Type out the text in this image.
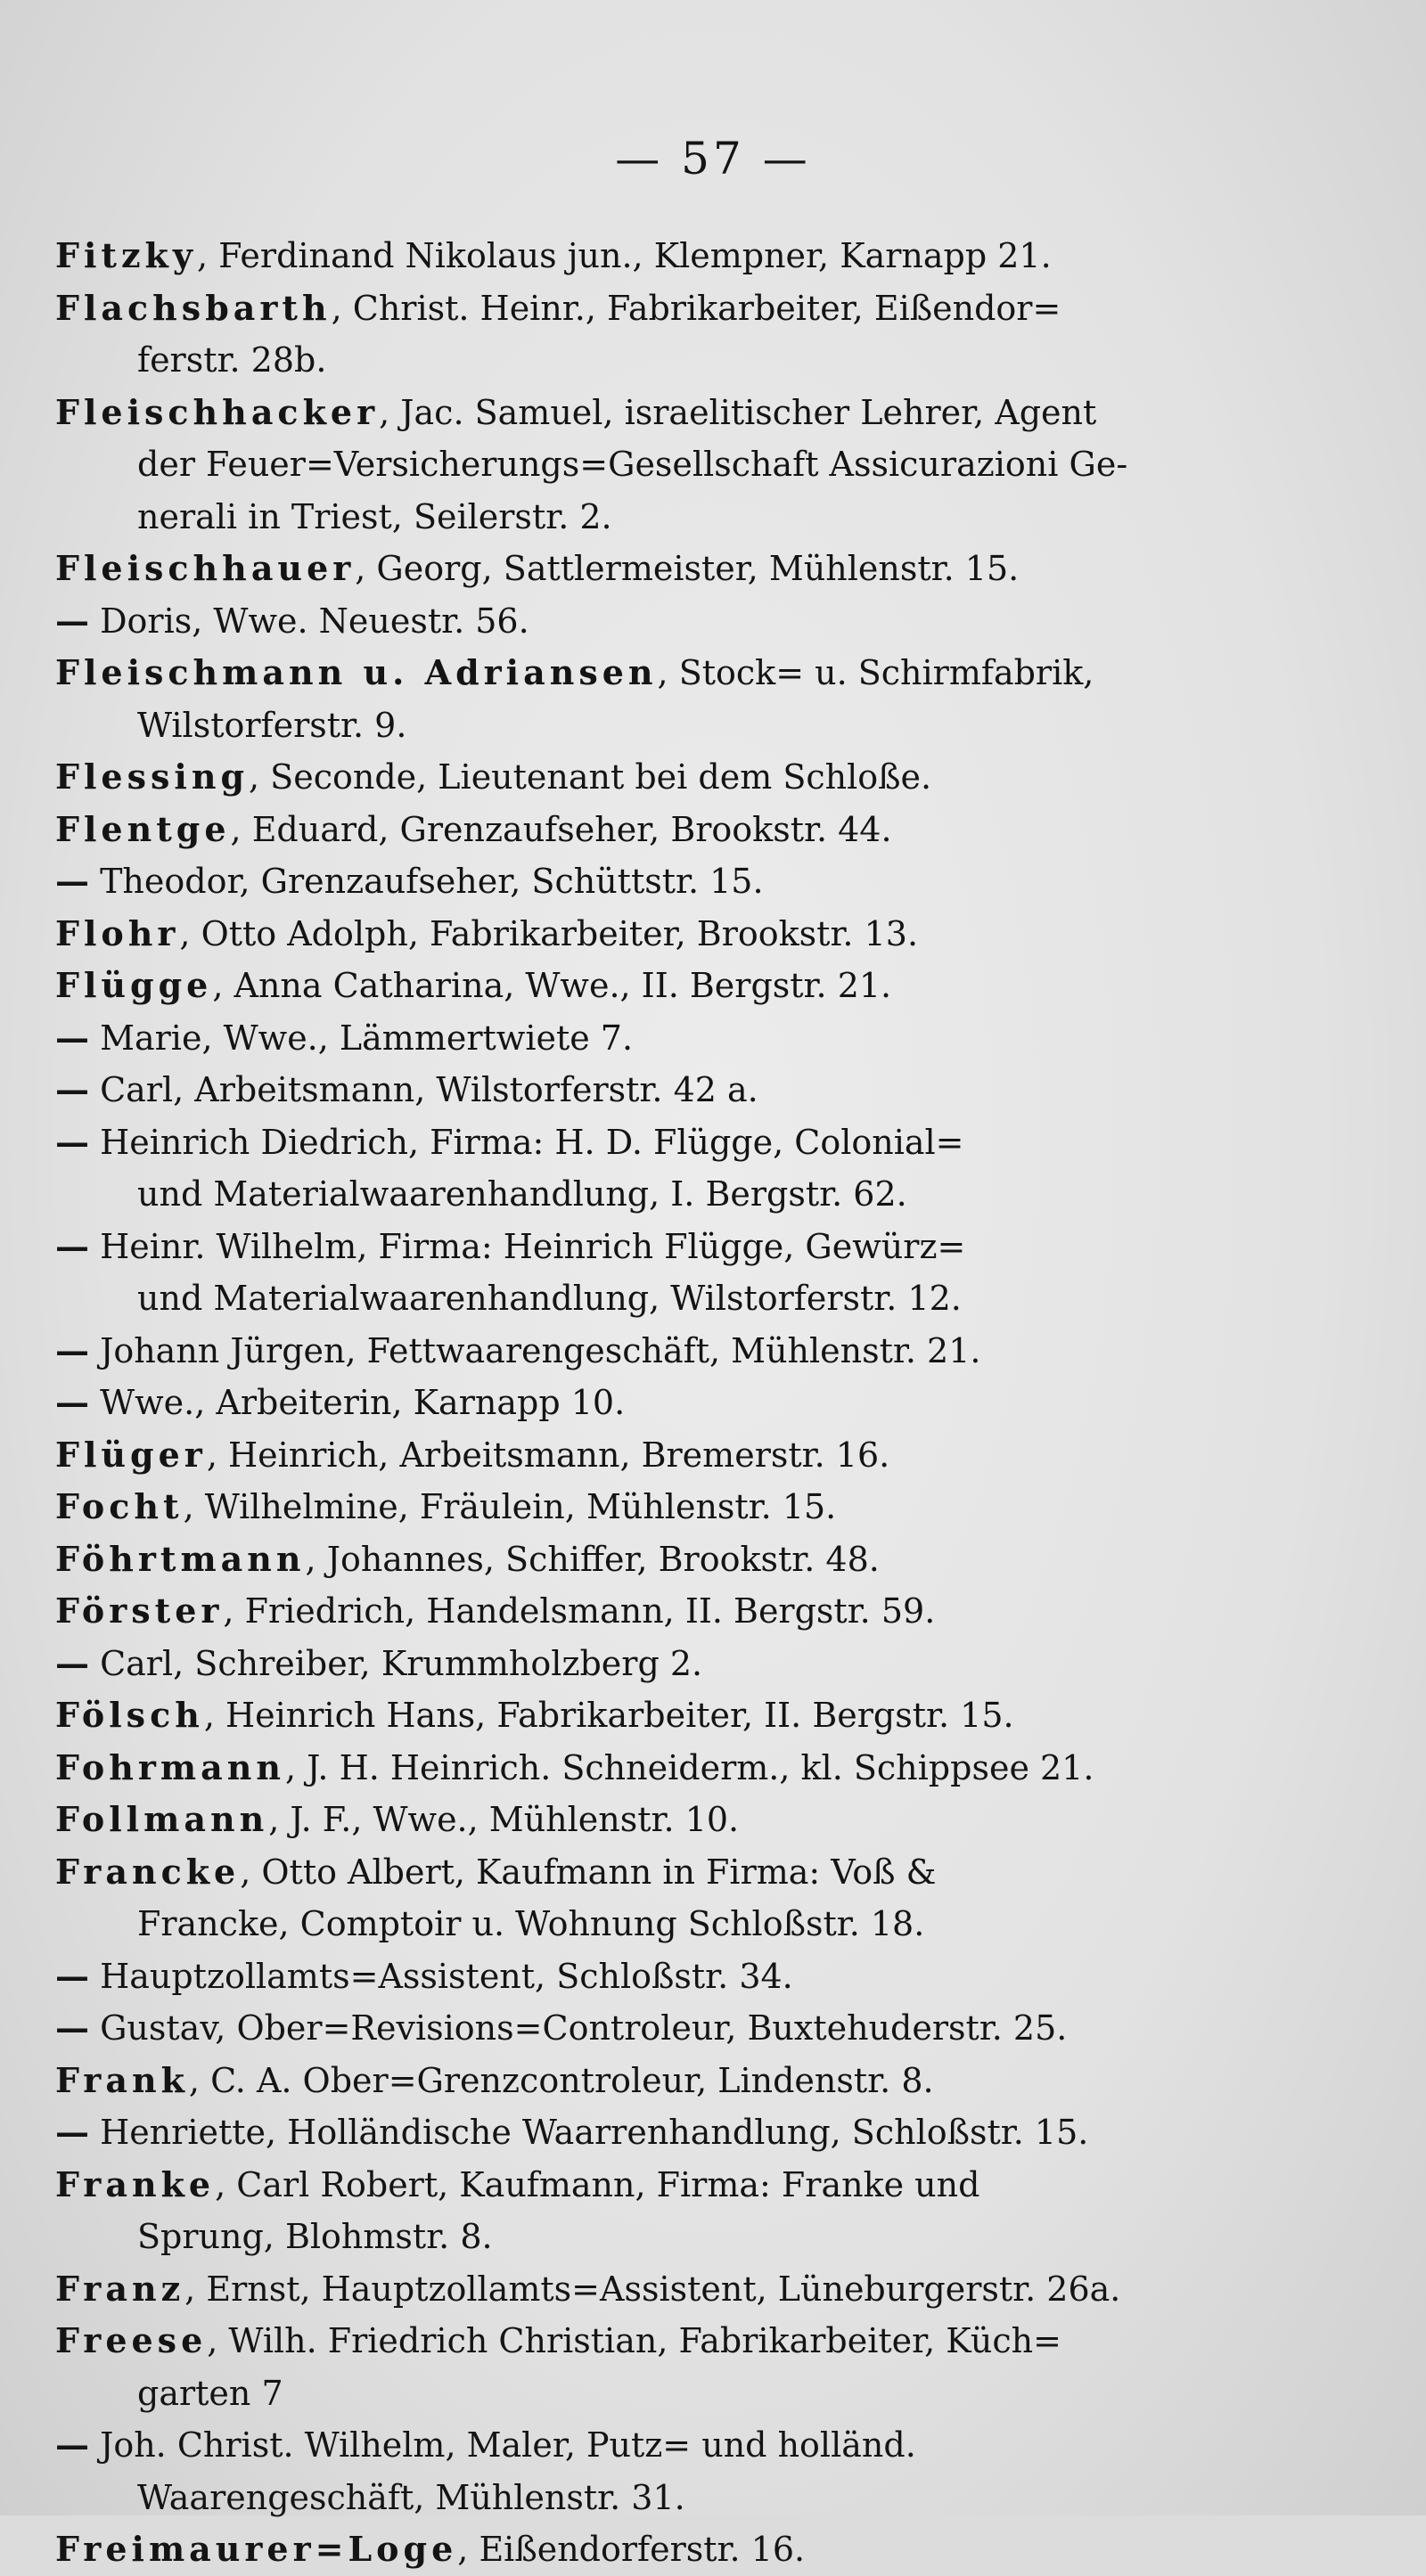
— 57 —
Fitzky, Ferdinand Nikolaus jun., Klempner, Karnapp 21.
Flachsbarth, Christ. Heinr., Fabrikarbeiter, Eißendor=
ferstr. 28b.
Fleischhacker, Jac. Samuel, israelitischer Lehrer, Agent
der Feuer=Versicherungs=Gesellschaft Assicurazioni Ge-
nerali in Triest, Seilerstr. 2.
Fleischhauer, Georg, Sattlermeister, Mühlenstr. 15.
— Doris, Wwe. Neuestr. 56.
Fleischmann u. Adriansen, Stock= u. Schirmfabrik,
Wilstorferstr. 9.
Flessing, Seconde, Lieutenant bei dem Schloße.
Flentge, Eduard, Grenzaufseher, Brookstr. 44.
— Theodor, Grenzaufseher, Schüttstr. 15.
Flohr, Otto Adolph, Fabrikarbeiter, Brookstr. 13.
Flügge, Anna Catharina, Wwe., II. Bergstr. 21.
— Marie, Wwe., Lämmertwiete 7.
— Carl, Arbeitsmann, Wilstorferstr. 42 a.
— Heinrich Diedrich, Firma: H. D. Flügge, Colonial=
und Materialwaarenhandlung, I. Bergstr. 62.
— Heinr. Wilhelm, Firma: Heinrich Flügge, Gewürz=
und Materialwaarenhandlung, Wilstorferstr. 12.
— Johann Jürgen, Fettwaarengeschäft, Mühlenstr. 21.
— Wwe., Arbeiterin, Karnapp 10.
Flüger, Heinrich, Arbeitsmann, Bremerstr. 16.
Focht, Wilhelmine, Fräulein, Mühlenstr. 15.
Föhrtmann, Johannes, Schiffer, Brookstr. 48.
Förster, Friedrich, Handelsmann, II. Bergstr. 59.
— Carl, Schreiber, Krummholzberg 2.
Fölsch, Heinrich Hans, Fabrikarbeiter, II. Bergstr. 15.
Fohrmann, J. H. Heinrich. Schneiderm., kl. Schippsee 21.
Follmann, J. F., Wwe., Mühlenstr. 10.
Francke, Otto Albert, Kaufmann in Firma: Voß &
Francke, Comptoir u. Wohnung Schloßstr. 18.
— Hauptzollamts=Assistent, Schloßstr. 34.
— Gustav, Ober=Revisions=Controleur, Buxtehuderstr. 25.
Frank, C. A. Ober=Grenzcontroleur, Lindenstr. 8.
— Henriette, Holländische Waarrenhandlung, Schloßstr. 15.
Franke, Carl Robert, Kaufmann, Firma: Franke und
Sprung, Blohmstr. 8.
Franz, Ernst, Hauptzollamts=Assistent, Lüneburgerstr. 26a.
Freese, Wilh. Friedrich Christian, Fabrikarbeiter, Küch=
garten 7
— Joh. Christ. Wilhelm, Maler, Putz= und holländ.
Waarengeschäft, Mühlenstr. 31.
Freimaurer=Loge, Eißendorferstr. 16.
